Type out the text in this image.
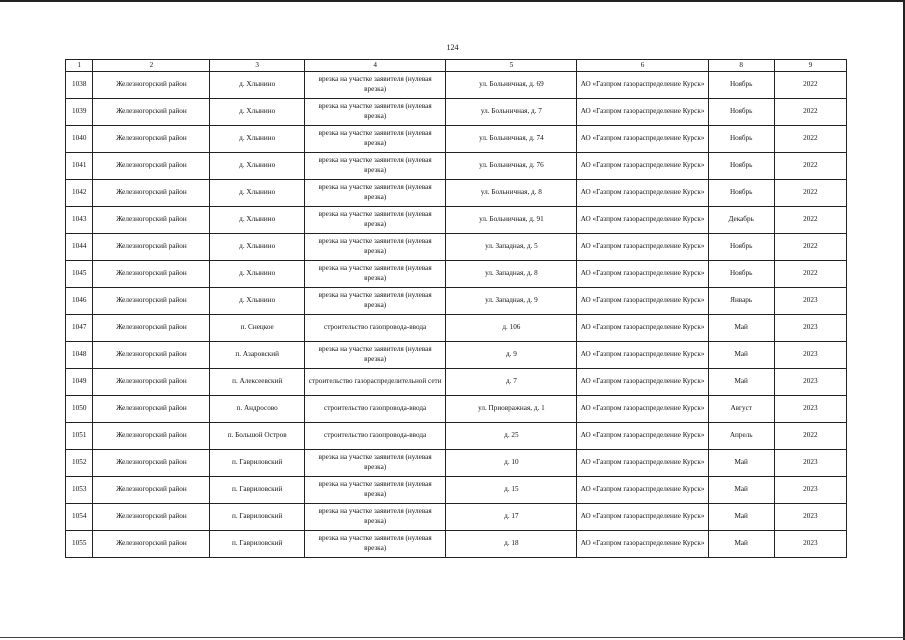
124
1	2	3	4	5	6	8	9
1038	Железногорский район	д. Хлынино	врезка на участке заявителя (нулевая врезка)	ул. Больничная, д. 69	АО «Газпром газораспределение Курск»	Ноябрь	2022
1039	Железногорский район	д. Хлынино	врезка на участке заявителя (нулевая врезка)	ул. Больничная, д. 7	АО «Газпром газораспределение Курск»	Ноябрь	2022
1040	Железногорский район	д. Хлынино	врезка на участке заявителя (нулевая врезка)	ул. Больничная, д. 74	АО «Газпром газораспределение Курск»	Ноябрь	2022
1041	Железногорский район	д. Хлынино	врезка на участке заявителя (нулевая врезка)	ул. Больничная, д. 76	АО «Газпром газораспределение Курск»	Ноябрь	2022
1042	Железногорский район	д. Хлынино	врезка на участке заявителя (нулевая врезка)	ул. Больничная, д. 8	АО «Газпром газораспределение Курск»	Ноябрь	2022
1043	Железногорский район	д. Хлынино	врезка на участке заявителя (нулевая врезка)	ул. Больничная, д. 91	АО «Газпром газораспределение Курск»	Декабрь	2022
1044	Железногорский район	д. Хлынино	врезка на участке заявителя (нулевая врезка)	ул. Западная, д. 5	АО «Газпром газораспределение Курск»	Ноябрь	2022
1045	Железногорский район	д. Хлынино	врезка на участке заявителя (нулевая врезка)	ул. Западная, д. 8	АО «Газпром газораспределение Курск»	Ноябрь	2022
1046	Железногорский район	д. Хлынино	врезка на участке заявителя (нулевая врезка)	ул. Западная, д. 9	АО «Газпром газораспределение Курск»	Январь	2023
1047	Железногорский район	п. Снецкое	строительство газопровода-ввода	д. 106	АО «Газпром газораспределение Курск»	Май	2023
1048	Железногорский район	п. Азаровский	врезка на участке заявителя (нулевая врезка)	д. 9	АО «Газпром газораспределение Курск»	Май	2023
1049	Железногорский район	п. Алексеевский	строительство газораспределительной сети	д. 7	АО «Газпром газораспределение Курск»	Май	2023
1050	Железногорский район	п. Андросово	строительство газопровода-ввода	ул. Приовражная, д. 1	АО «Газпром газораспределение Курск»	Август	2023
1051	Железногорский район	п. Большой Остров	строительство газопровода-ввода	д. 25	АО «Газпром газораспределение Курск»	Апрель	2022
1052	Железногорский район	п. Гавриловский	врезка на участке заявителя (нулевая врезка)	д. 10	АО «Газпром газораспределение Курск»	Май	2023
1053	Железногорский район	п. Гавриловский	врезка на участке заявителя (нулевая врезка)	д. 15	АО «Газпром газораспределение Курск»	Май	2023
1054	Железногорский район	п. Гавриловский	врезка на участке заявителя (нулевая врезка)	д. 17	АО «Газпром газораспределение Курск»	Май	2023
1055	Железногорский район	п. Гавриловский	врезка на участке заявителя (нулевая врезка)	д. 18	АО «Газпром газораспределение Курск»	Май	2023
